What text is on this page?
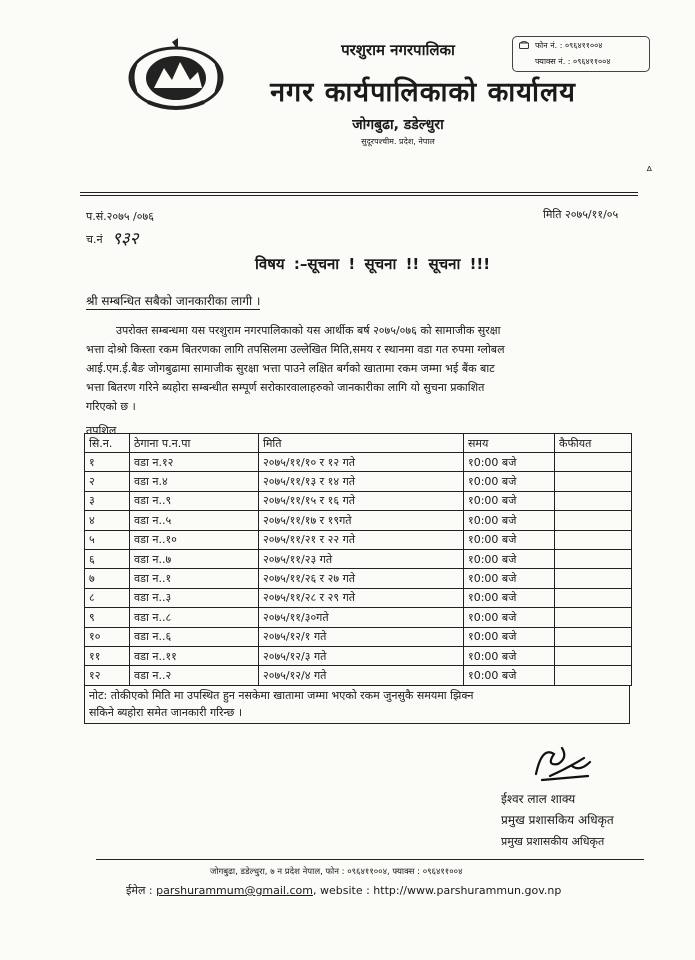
परशुराम नगरपालिका
नगर कार्यपालिकाको कार्यालय
जोगबुढा, डडेल्धुरा
सुदूरपश्चीम. प्रदेश, नेपाल
फोन नं. : ०९६४११००४
फ्याक्स नं. : ०९६४११००४
ᐞ
प.सं.२०७५ /०७६	मिति २०७५/११/०५
च.नं ९३२
विषय :–सूचना ! सूचना !! सूचना !!!
श्री सम्बन्धित सबैको जानकारीका लागी ।

उपरोक्त सम्बन्धमा यस परशुराम नगरपालिकाको यस आर्थीक बर्ष २०७५/०७६ को सामाजीक सुरक्षा

भत्ता दोश्रो किस्ता रकम बितरणका लागि तपसिलमा उल्लेखित मिति,समय र स्थानमा वडा गत रुपमा ग्लोबल

आई.एम.ई.बैङ जोगबुढामा सामाजीक सुरक्षा भत्ता पाउने लक्षित बर्गको खातामा रकम जम्मा भई बैंक बाट

भत्ता बितरण गरिने ब्यहोरा सम्बन्धीत सम्पूर्ण सरोकारवालाहरुको जानकारीका लागि यो सुचना प्रकाशित

गरिएको छ ।

तपशिल
सि.न.	ठेगाना प.न.पा	मिति	समय	कैफीयत
१	वडा न.१२	२०७५/११/१० र १२ गते	१0:00 बजे	
२	वडा न.४	२०७५/११/१३ र १४ गते	१0:00 बजे	
३	वडा न..९	२०७५/११/१५ र १६ गते	१0:00 बजे	
४	वडा न..५	२०७५/११/१७ र १९गते	१0:00 बजे	
५	वडा न..१०	२०७५/११/२१ र २२ गते	१0:00 बजे	
६	वडा न..७	२०७५/११/२३ गते	१0:00 बजे	
७	वडा न..१	२०७५/११/२६ र २७ गते	१0:00 बजे	
८	वडा न..३	२०७५/११/२८ र २९ गते	१0:00 बजे	
९	वडा न..८	२०७५/११/३०गते	१0:00 बजे	
१०	वडा न..६	२०७५/१२/१ गते	१0:00 बजे	
११	वडा न..११	२०७५/१२/३ गते	१0:00 बजे	
१२	वडा न..२	२०७५/१२/४ गते	१0:00 बजे	
नोट: तोकीएको मिति मा उपस्थित हुन नसकेमा खातामा जम्मा भएको रकम जुनसुकै समयमा झिक्न
सकिने ब्यहोरा समेत जानकारी गरिन्छ ।
ईश्वर लाल शाक्य
प्रमुख प्रशासकिय अधिकृत
प्रमुख प्रशासकीय अधिकृत
जोगबुढा, डडेल्धुरा, ७ न प्रदेश नेपाल, फोन : ०९६४११००४, फ्याक्स : ०९६४११००४
ईमेल : parshurammum@gmail.com, website : http://www.parshurammun.gov.np
